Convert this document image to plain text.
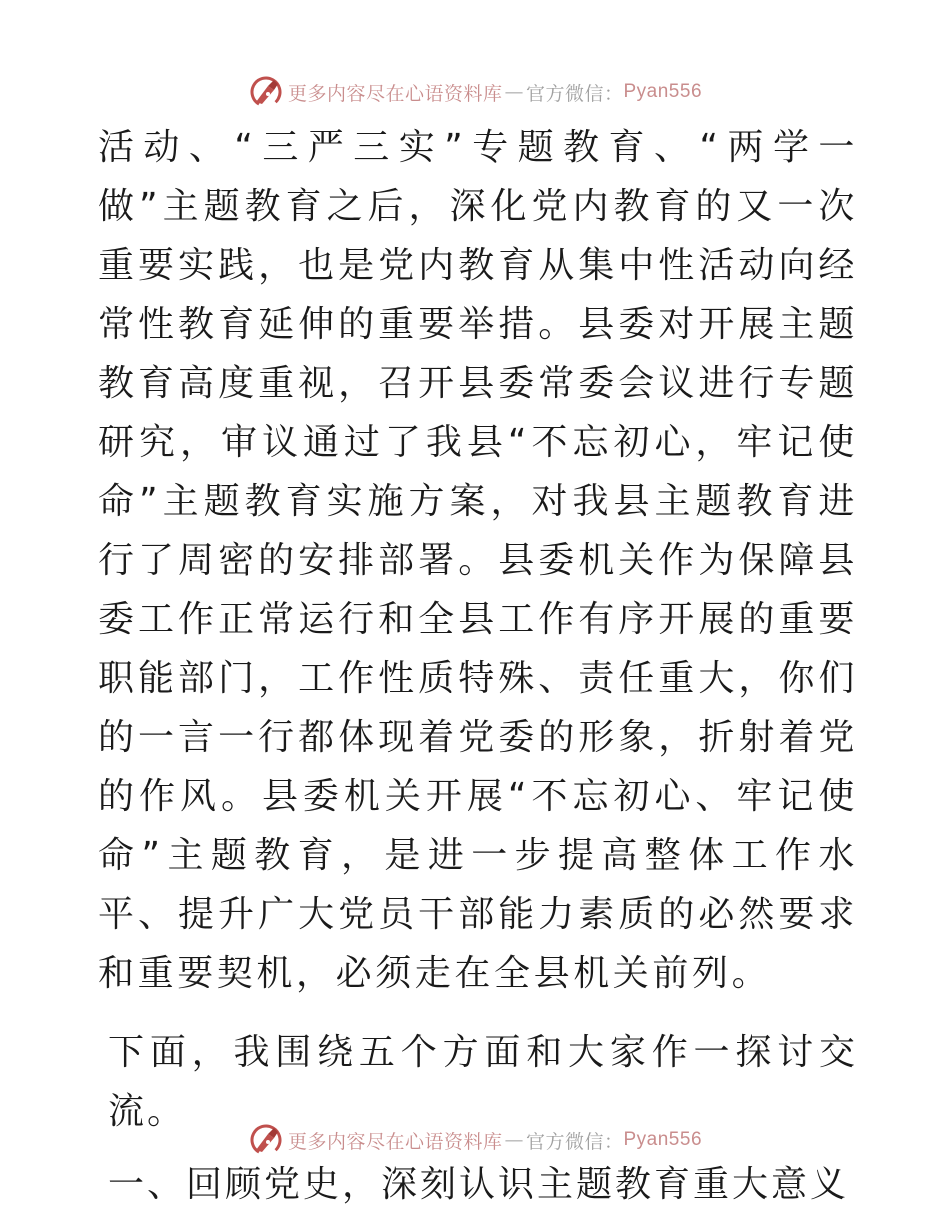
更多内容尽在心语资料库 — 官方微信： Pyan556

活动、“三严三实”专题教育、“两学一做”主题教育之后，深化党内教育的又一次重要实践，也是党内教育从集中性活动向经常性教育延伸的重要举措。县委对开展主题教育高度重视，召开县委常委会议进行专题研究，审议通过了我县“不忘初心，牢记使命”主题教育实施方案，对我县主题教育进行了周密的安排部署。县委机关作为保障县委工作正常运行和全县工作有序开展的重要职能部门，工作性质特殊、责任重大，你们的一言一行都体现着党委的形象，折射着党的作风。县委机关开展“不忘初心、牢记使命”主题教育，是进一步提高整体工作水平、提升广大党员干部能力素质的必然要求和重要契机，必须走在全县机关前列。

下面，我围绕五个方面和大家作一探讨交流。

一、回顾党史，深刻认识主题教育重大意义

更多内容尽在心语资料库 — 官方微信： Pyan556
